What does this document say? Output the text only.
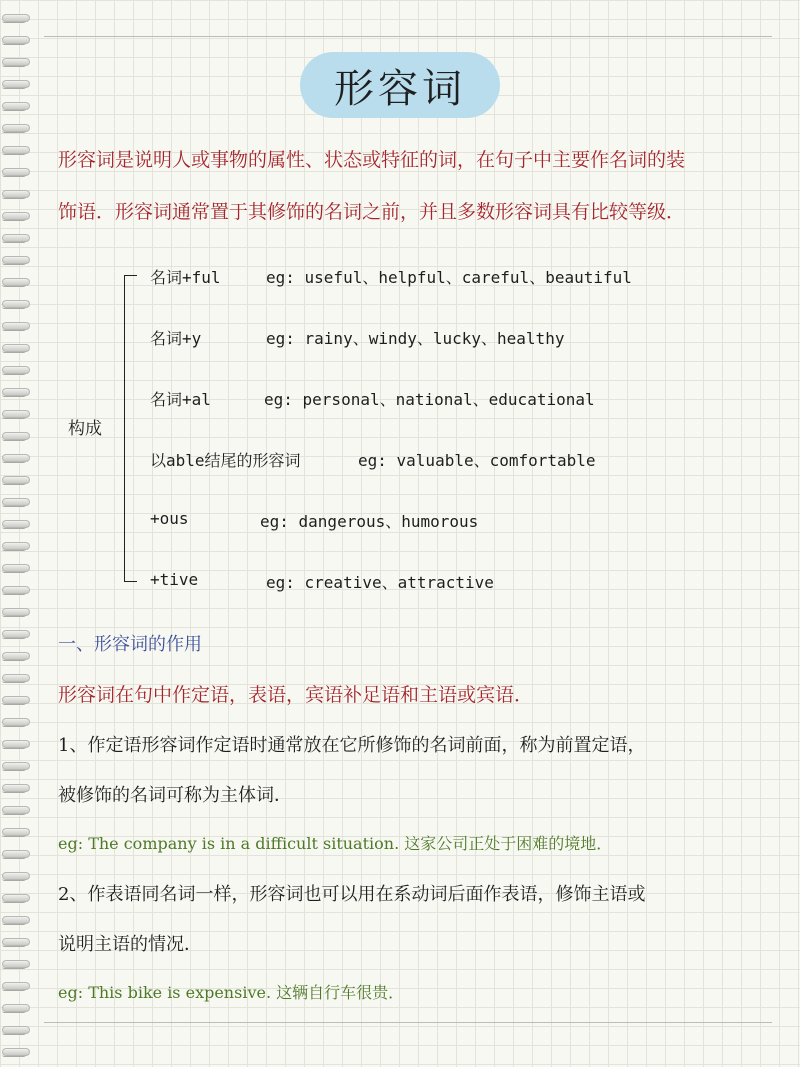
形容词
形容词是说明人或事物的属性、状态或特征的词，在句子中主要作名词的装
饰语．形容词通常置于其修饰的名词之前，并且多数形容词具有比较等级．
构成
名词+ful	eg: useful、helpful、careful、beautiful
名词+y	eg: rainy、windy、lucky、healthy
名词+al	eg: personal、national、educational
以able结尾的形容词	eg: valuable、comfortable
+ous	eg: dangerous、humorous
+tive	eg: creative、attractive
一、形容词的作用
形容词在句中作定语，表语，宾语补足语和主语或宾语．
1、作定语形容词作定语时通常放在它所修饰的名词前面，称为前置定语，
被修饰的名词可称为主体词．
eg: The company is in a difficult situation. 这家公司正处于困难的境地．
2、作表语同名词一样，形容词也可以用在系动词后面作表语，修饰主语或
说明主语的情况．
eg: This bike is expensive. 这辆自行车很贵．
